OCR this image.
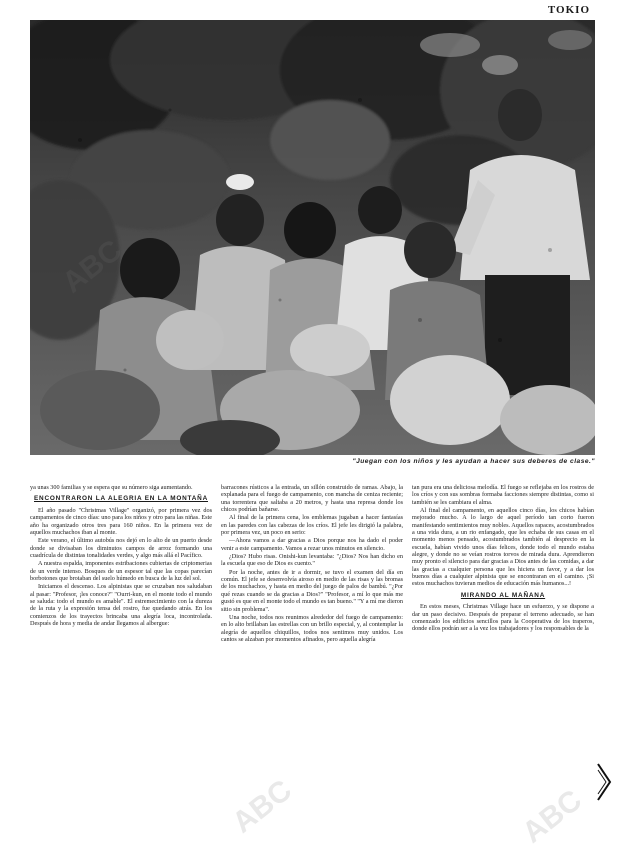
TOKIO
"Juegan con los niños y les ayudan a hacer sus deberes de clase."

ya unas 300 familias y se espera que su número siga aumentando.

ENCONTRARON LA ALEGRIA EN LA MONTAÑA

El año pasado "Christmas Village" organizó, por primera vez dos campamentos de cinco días: uno para los niños y otro para las niñas. Este año ha organizado otros tres para 160 niños. En la primera vez de aquellos muchachos iban al monte.

Este verano, el último autobús nos dejó en lo alto de un puerto desde donde se divisaban los diminutos campos de arroz formando una cuadrícula de distintas tonalidades verdes, y algo más allá el Pacífico.

A nuestra espalda, imponentes estribaciones cubiertas de criptomerias de un verde intenso. Bosques de un espesor tal que las copas parecían borbotones que brotaban del suelo húmedo en busca de la luz del sol.

Iniciamos el descenso. Los alpinistas que se cruzaban nos saludaban al pasar: "Profesor, ¡les conoce?" "Ourri-kun, en el monte todo el mundo se saluda: todo el mundo es amable". El estremecimiento con la dureza de la ruta y la expresión tensa del rostro, fue quedando atrás. En los comienzos de los trayectos brincaba una alegría loca, incontrolada. Después de hora y media de andar llegamos al albergue:

barracones rústicos a la entrada, un sillón construido de ramas. Abajo, la explanada para el fuego de campamento, con mancha de ceniza reciente; una torrentera que saltaba a 20 metros, y hasta una represa donde los chicos podrían bañarse.

Al final de la primera cena, los emblemas jugaban a hacer fantasías en las paredes con las cabezas de los críos. El jefe les dirigió la palabra, por primera vez, un poco en serio:

—Ahora vamos a dar gracias a Dios porque nos ha dado el poder venir a este campamento. Vamos a rezar unos minutos en silencio.

¿Dios? Hubo risas. Onishi-kun levantaba: "¿Dios? Nos han dicho en la escuela que eso de Dios es cuento."

Por la noche, antes de ir a dormir, se tuvo el examen del día en común. El jefe se desenvolvía airoso en medio de las risas y las bromas de los muchachos, y hasta en medio del juego de palos de bambú. "¿Por qué rezas cuando se da gracias a Dios?" "Profesor, a mí lo que más me gustó es que en el monte todo el mundo es tan bueno." "Y a mí me dieron sitio sin problema".

Una noche, todos nos reunimos alrededor del fuego de campamento: en lo alto brillaban las estrellas con un brillo especial, y, al contemplar la alegría de aquellos chiquillos, todos nos sentimos muy unidos. Los cantos se alzaban por momentos afinados, pero aquella alegría

tan pura era una deliciosa melodía. El fuego se reflejaba en los rostros de los críos y con sus sombras formaba facciones siempre distintas, como si también se les cambiara el alma.

Al final del campamento, en aquellos cinco días, los chicos habían mejorado mucho. A lo largo de aquel período tan corto fueron manifestando sentimientos muy nobles. Aquellos rapaces, acostumbrados a una vida dura, a un rio enfangado, que les echaba de sus casas en el momento menos pensado, acostumbrados también al desprecio en la escuela, habían vivido unos días felices, donde todo el mundo estaba alegre, y donde no se veían rostros torvos de mirada dura. Aprendieron muy pronto el silencio para dar gracias a Dios antes de las comidas, a dar las gracias a cualquier persona que les hiciera un favor, y a dar los buenos días a cualquier alpinista que se encontraran en el camino. ¡Si estos muchachos tuvieran medios de educación más humanos...!

MIRANDO AL MAÑANA

En estos meses, Christmas Village hace un esfuerzo, y se dispone a dar un paso decisivo. Después de preparar el terreno adecuado, se han comenzado los edificios sencillos para la Cooperativa de los traperos, donde ellos podrán ser a la vez los trabajadores y los responsables de la

ABC	ABC
